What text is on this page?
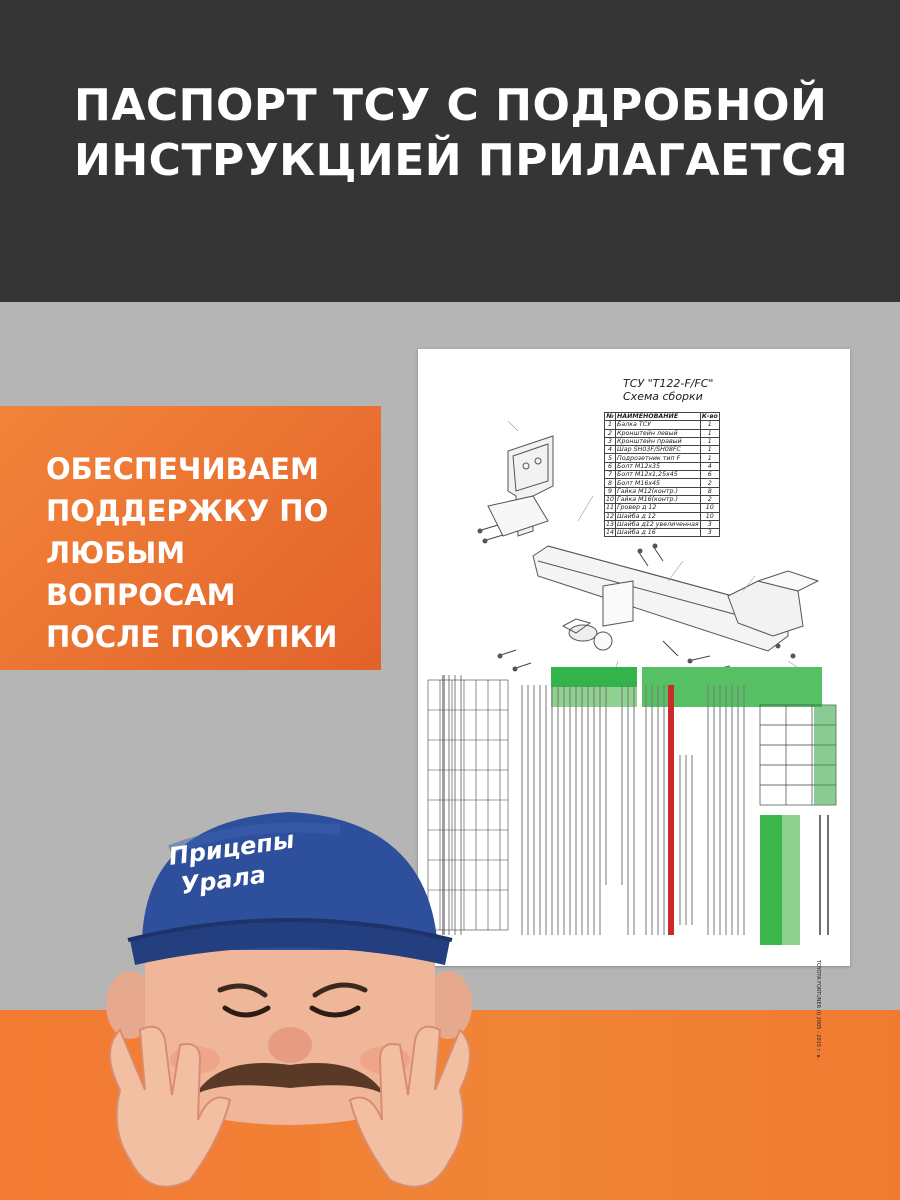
ПАСПОРТ ТСУ С ПОДРОБНОЙ
ИНСТРУКЦИЕЙ ПРИЛАГАЕТСЯ
ОБЕСПЕЧИВАЕМ
ПОДДЕРЖКУ ПО
ЛЮБЫМ
ВОПРОСАМ
ПОСЛЕ ПОКУПКИ
ТСУ "Т122-F/FC"
Схема сборки
№	НАИМЕНОВАНИЕ	К-во
1	Балка ТСУ	1
2	Кронштейн левый	1
3	Кронштейн правый	1
4	Шар SH03F/SH08FC	1
5	Подрозетник тип F	1
6	Болт М12х35	4
7	Болт М12х1,25х45	6
8	Болт М16х45	2
9	Гайка М12(контр.)	8
10	Гайка М16(контр.)	2
11	Гровер д 12	10
12	Шайба д 12	10
13	Шайба д12 увеличенная	3
14	Шайба д 16	3
TOYOTA FORTUNER (I) 2005 - 2015 г. в.
Прицепы
Урала
